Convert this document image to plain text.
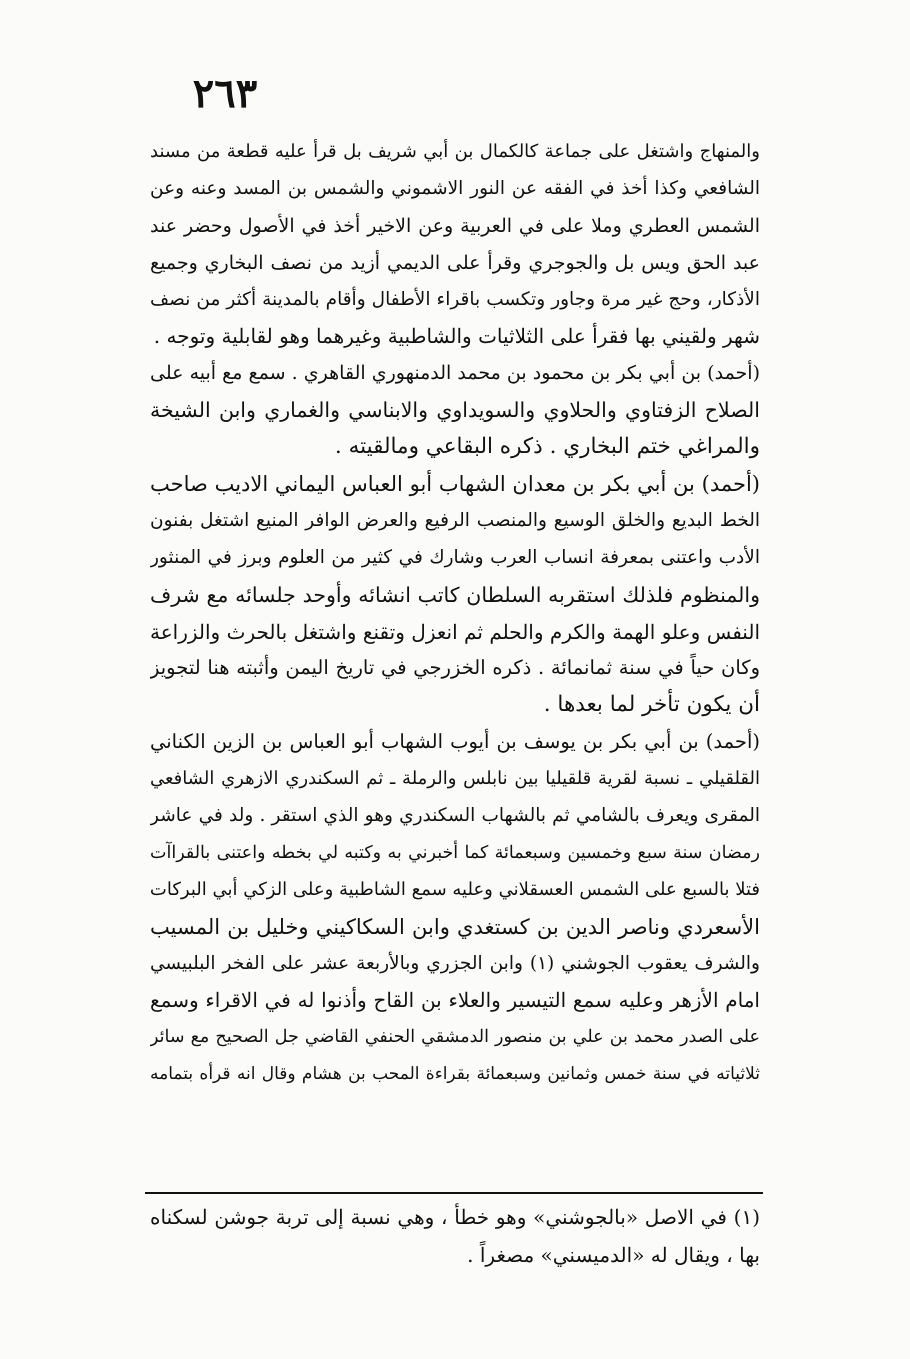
٢٦٣
والمنهاج واشتغل على جماعة كالكمال بن أبي شريف بل قرأ عليه قطعة من مسند
الشافعي وكذا أخذ في الفقه عن النور الاشموني والشمس بن المسد وعنه وعن
الشمس العطري وملا على في العربية وعن الاخير أخذ في الأصول وحضر عند
عبد الحق ويس بل والجوجري وقرأ على الديمي أزيد من نصف البخاري وجميع
الأذكار، وحج غير مرة وجاور وتكسب باقراء الأطفال وأقام بالمدينة أكثر من نصف
شهر ولقيني بها فقرأ على الثلاثيات والشاطبية وغيرهما وهو لقابلية وتوجه .
(أحمد) بن أبي بكر بن محمود بن محمد الدمنهوري القاهري . سمع مع أبيه على
الصلاح الزفتاوي والحلاوي والسويداوي والابناسي والغماري وابن الشيخة
والمراغي ختم البخاري . ذكره البقاعي ومالقيته .
(أحمد) بن أبي بكر بن معدان الشهاب أبو العباس اليماني الاديب صاحب
الخط البديع والخلق الوسيع والمنصب الرفيع والعرض الوافر المنيع اشتغل بفنون
الأدب واعتنى بمعرفة انساب العرب وشارك في كثير من العلوم وبرز في المنثور
والمنظوم فلذلك استقربه السلطان كاتب انشائه وأوحد جلسائه مع شرف
النفس وعلو الهمة والكرم والحلم ثم انعزل وتقنع واشتغل بالحرث والزراعة
وكان حياً في سنة ثمانمائة . ذكره الخزرجي في تاريخ اليمن وأثبته هنا لتجويز
أن يكون تأخر لما بعدها .
(أحمد) بن أبي بكر بن يوسف بن أيوب الشهاب أبو العباس بن الزين الكناني
القلقيلي ـ نسبة لقرية قلقيليا بين نابلس والرملة ـ ثم السكندري الازهري الشافعي
المقرى ويعرف بالشامي ثم بالشهاب السكندري وهو الذي استقر . ولد في عاشر
رمضان سنة سبع وخمسين وسبعمائة كما أخبرني به وكتبه لي بخطه واعتنى بالقراآت
فتلا بالسبع على الشمس العسقلاني وعليه سمع الشاطبية وعلى الزكي أبي البركات
الأسعردي وناصر الدين بن كستغدي وابن السكاكيني وخليل بن المسيب
والشرف يعقوب الجوشني (١) وابن الجزري وبالأربعة عشر على الفخر البلبيسي
امام الأزهر وعليه سمع التيسير والعلاء بن القاح وأذنوا له في الاقراء وسمع
على الصدر محمد بن علي بن منصور الدمشقي الحنفي القاضي جل الصحيح مع سائر
ثلاثياته في سنة خمس وثمانين وسبعمائة بقراءة المحب بن هشام وقال انه قرأه بتمامه
(١) في الاصل «بالجوشني» وهو خطأ ، وهي نسبة إلى تربة جوشن لسكناه
بها ، ويقال له «الدميسني» مصغراً .
